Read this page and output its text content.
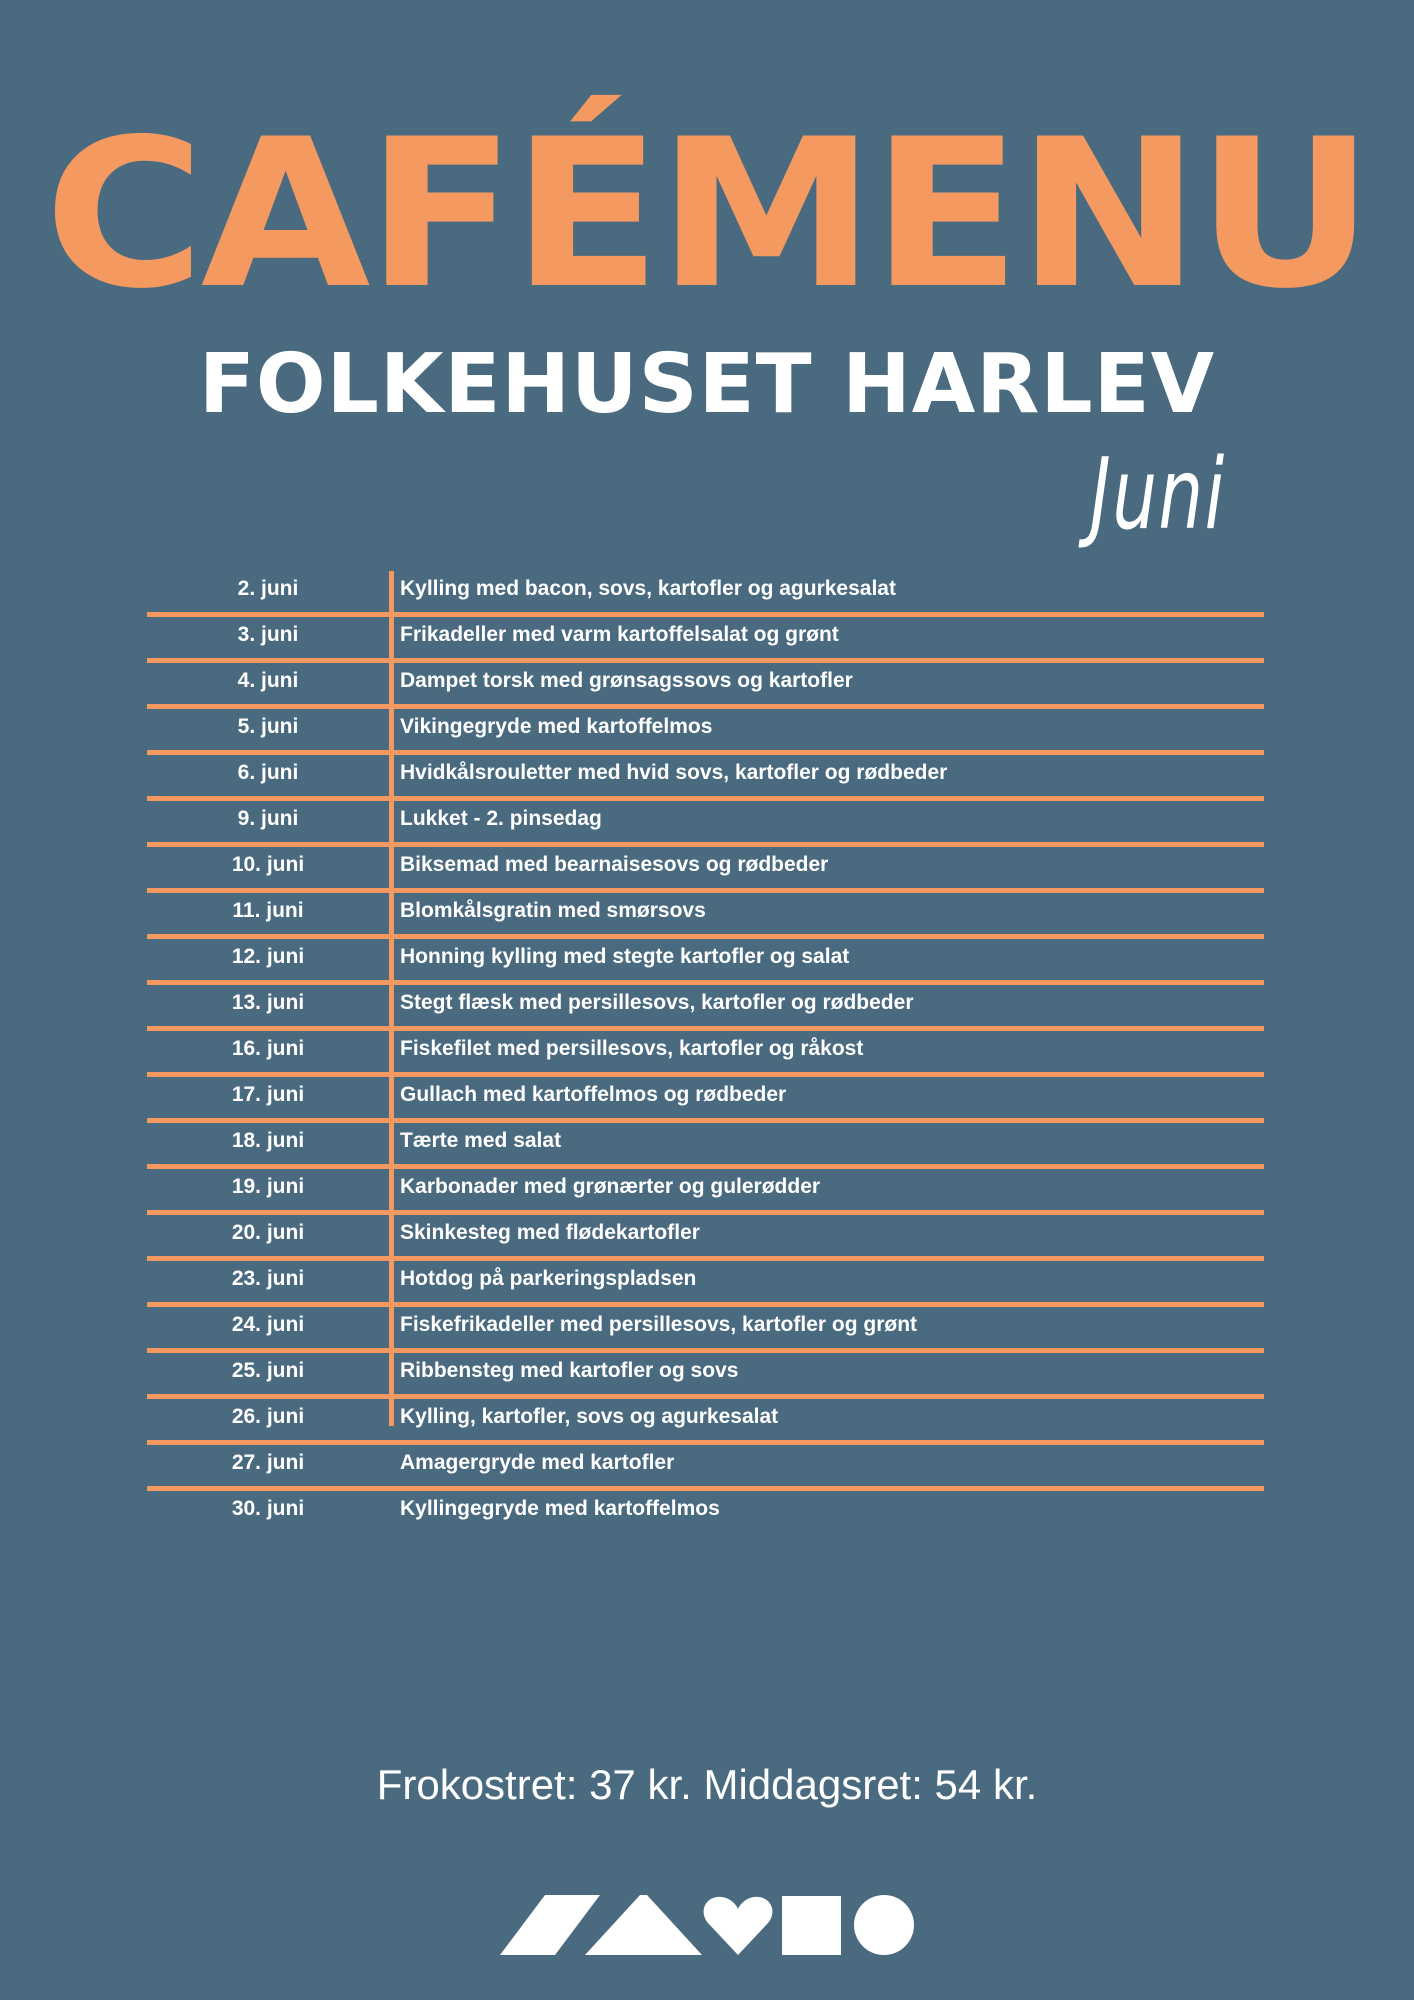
CAFÉMENU
FOLKEHUSET HARLEV
Juni
2. juni	Kylling med bacon, sovs, kartofler og agurkesalat
3. juni	Frikadeller med varm kartoffelsalat og grønt
4. juni	Dampet torsk med grønsagssovs og kartofler
5. juni	Vikingegryde med kartoffelmos
6. juni	Hvidkålsrouletter med hvid sovs, kartofler og rødbeder
9. juni	Lukket - 2. pinsedag
10. juni	Biksemad med bearnaisesovs og rødbeder
11. juni	Blomkålsgratin med smørsovs
12. juni	Honning kylling med stegte kartofler og salat
13. juni	Stegt flæsk med persillesovs, kartofler og rødbeder
16. juni	Fiskefilet med persillesovs, kartofler og råkost
17. juni	Gullach med kartoffelmos og rødbeder
18. juni	Tærte med salat
19. juni	Karbonader med grønærter og gulerødder
20. juni	Skinkesteg med flødekartofler
23. juni	Hotdog på parkeringspladsen
24. juni	Fiskefrikadeller med persillesovs, kartofler og grønt
25. juni	Ribbensteg med kartofler og sovs
26. juni	Kylling, kartofler, sovs og agurkesalat
27. juni	Amagergryde med kartofler
30. juni	Kyllingegryde med kartoffelmos
Frokostret: 37 kr. Middagsret: 54 kr.
